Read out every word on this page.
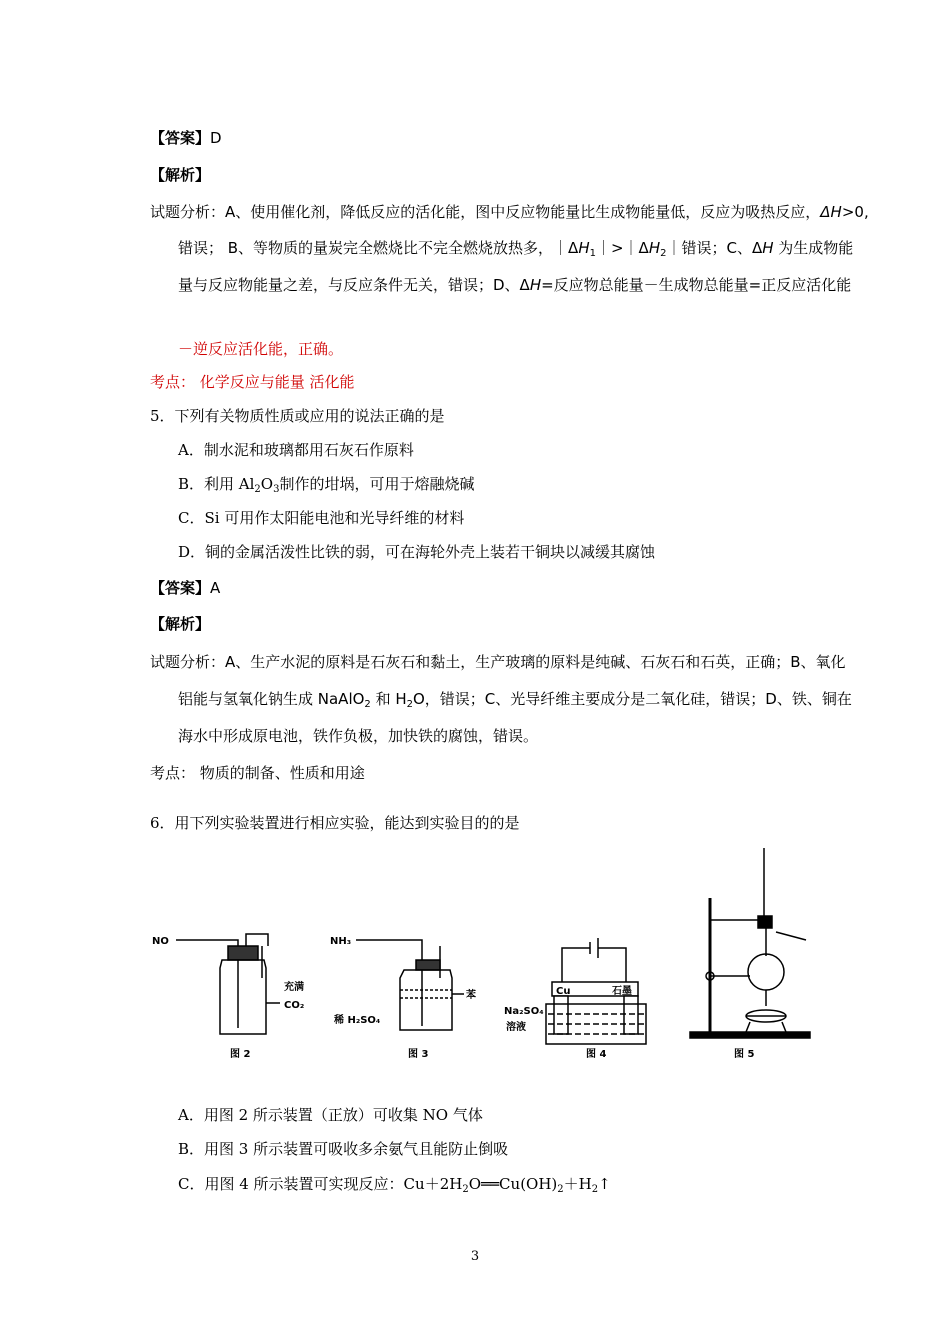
【答案】D
【解析】
试题分析：A、使用催化剂，降低反应的活化能，图中反应物能量比生成物能量低，反应为吸热反应，ΔH>0,
错误； B、等物质的量炭完全燃烧比不完全燃烧放热多，$|\Delta H_1|>|\Delta H_2|$错误；C、ΔH 为生成物能
量与反应物能量之差，与反应条件无关，错误；D、ΔH=反应物总能量－生成物总能量=正反应活化能
－逆反应活化能，正确。
考点： 化学反应与能量 活化能
5．下列有关物质性质或应用的说法正确的是
A．制水泥和玻璃都用石灰石作原料
B．利用 $Al_2O_3$制作的坩埚，可用于熔融烧碱
C．Si 可用作太阳能电池和光导纤维的材料
D．铜的金属活泼性比铁的弱，可在海轮外壳上装若干铜块以减缓其腐蚀
【答案】A
【解析】
试题分析：A、生产水泥的原料是石灰石和黏土，生产玻璃的原料是纯碱、石灰石和石英，正确；B、氧化
铝能与氢氧化钠生成 NaAlO$_2$ 和 $H_2O$，错误；C、光导纤维主要成分是二氧化硅，错误；D、铁、铜在
海水中形成原电池，铁作负极，加快铁的腐蚀，错误。
考点： 物质的制备、性质和用途
6．用下列实验装置进行相应实验，能达到实验目的的是
NO
充满
CO₂
图 2
NH₃
苯
稀 H₂SO₄
图 3
Cu	石墨
Na₂SO₄
溶液
图 4	图 5
A．用图 2 所示装置（正放）可收集 NO 气体
B．用图 3 所示装置可吸收多余氨气且能防止倒吸
C．用图 4 所示装置可实现反应：$Cu+2H_2O══Cu(OH)_2+H_2↑$
3
